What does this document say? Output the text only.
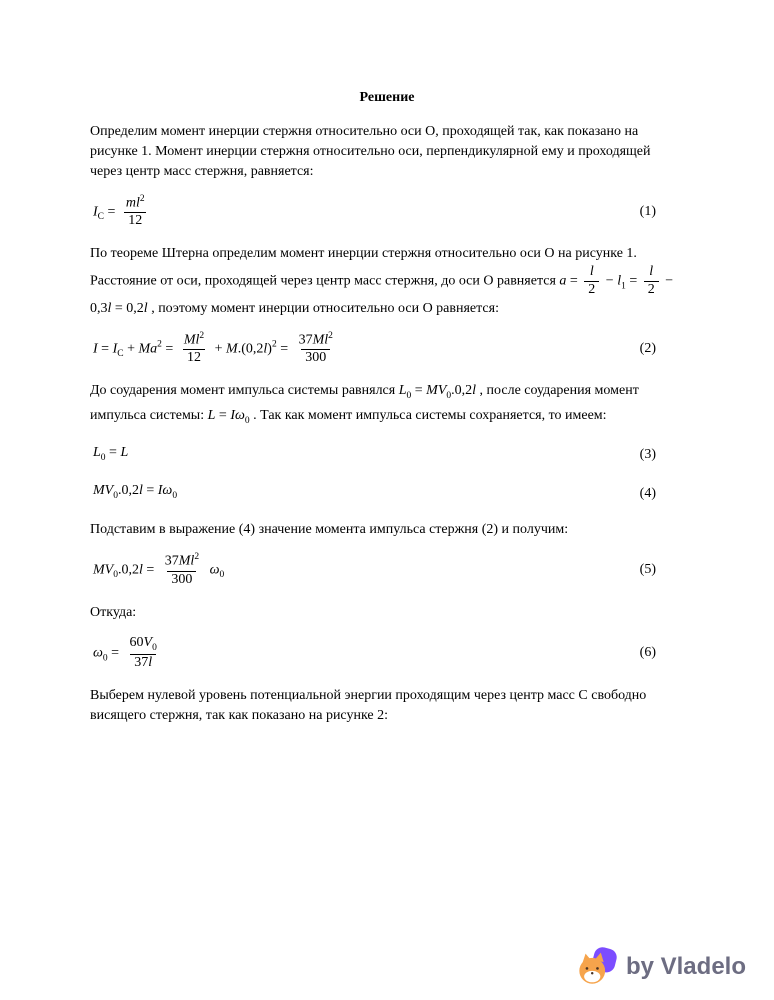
Решение

Определим момент инерции стержня относительно оси О, проходящей так, как показано на рисунке 1. Момент инерции стержня относительно оси, перпендикулярной ему и проходящей через центр масс стержня, равняется:

$I_C = \frac{ml^2}{12}$	(1)

По теореме Штерна определим момент инерции стержня относительно оси О на рисунке 1. Расстояние от оси, проходящей через центр масс стержня, до оси О равняется $a = \frac{l}{2} - l_1 = \frac{l}{2} - 0,3l = 0,2l$ , поэтому момент инерции относительно оси О равняется:

$I = I_C + Ma^2 = \frac{Ml^2}{12} + M.(0,2l)^2 = \frac{37Ml^2}{300}$	(2)

До соударения момент импульса системы равнялся $L_0 = MV_0.0,2l$ , после соударения момент импульса системы: $L = I\omega_0$ . Так как момент импульса системы сохраняется, то имеем:

$L_0 = L$	(3)
$MV_0.0,2l = I\omega_0$	(4)

Подставим в выражение (4) значение момента импульса стержня (2) и получим:

$MV_0.0,2l = \frac{37Ml^2}{300} \omega_0$	(5)

Откуда:

$\omega_0 = \frac{60V_0}{37l}$	(6)

Выберем нулевой уровень потенциальной энергии проходящим через центр масс С свободно висящего стержня, так как показано на рисунке 2:

by Vladelo
